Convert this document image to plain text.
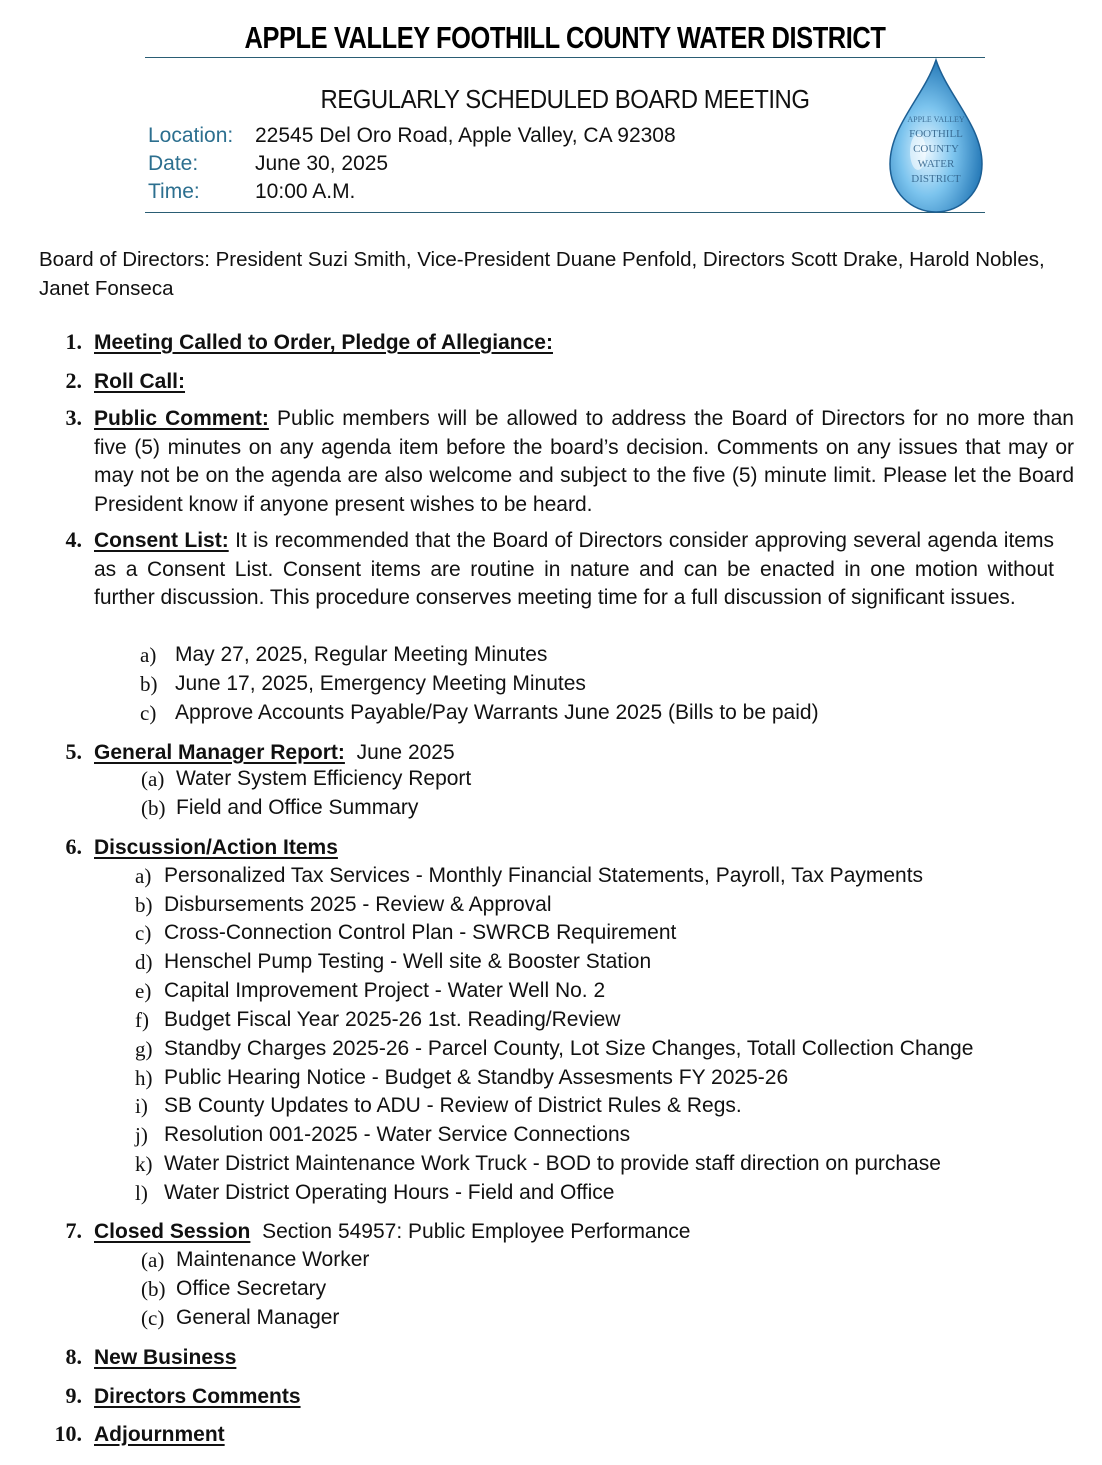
APPLE VALLEY FOOTHILL COUNTY WATER DISTRICT
REGULARLY SCHEDULED BOARD MEETING
Location: 22545 Del Oro Road, Apple Valley, CA 92308
Date:	June 30, 2025
Time:	10:00 A.M.
APPLE VALLEY
FOOTHILL
COUNTY
WATER
DISTRICT
Board of Directors: President Suzi Smith, Vice-President Duane Penfold, Directors Scott Drake, Harold Nobles, Janet Fonseca
1. Meeting Called to Order, Pledge of Allegiance:
2. Roll Call:
3. Public Comment: Public members will be allowed to address the Board of Directors for no more than five (5) minutes on any agenda item before the board’s decision. Comments on any issues that may or may not be on the agenda are also welcome and subject to the five (5) minute limit. Please let the Board President know if anyone present wishes to be heard.
4. Consent List: It is recommended that the Board of Directors consider approving several agenda items as a Consent List. Consent items are routine in nature and can be enacted in one motion without further discussion. This procedure conserves meeting time for a full discussion of significant issues.
a) May 27, 2025, Regular Meeting Minutes
b) June 17, 2025, Emergency Meeting Minutes
c) Approve Accounts Payable/Pay Warrants June 2025 (Bills to be paid)
5. General Manager Report: June 2025
(a) Water System Efficiency Report
(b) Field and Office Summary
6. Discussion/Action Items
a) Personalized Tax Services - Monthly Financial Statements, Payroll, Tax Payments
b) Disbursements 2025 - Review & Approval
c) Cross-Connection Control Plan - SWRCB Requirement
d) Henschel Pump Testing - Well site & Booster Station
e) Capital Improvement Project - Water Well No. 2
f) Budget Fiscal Year 2025-26 1st. Reading/Review
g) Standby Charges 2025-26 - Parcel County, Lot Size Changes, Totall Collection Change
h) Public Hearing Notice - Budget & Standby Assesments FY 2025-26
i) SB County Updates to ADU - Review of District Rules & Regs.
j) Resolution 001-2025 - Water Service Connections
k) Water District Maintenance Work Truck - BOD to provide staff direction on purchase
l) Water District Operating Hours - Field and Office
7. Closed Session Section 54957: Public Employee Performance
(a) Maintenance Worker
(b) Office Secretary
(c) General Manager
8. New Business
9. Directors Comments
10. Adjournment
